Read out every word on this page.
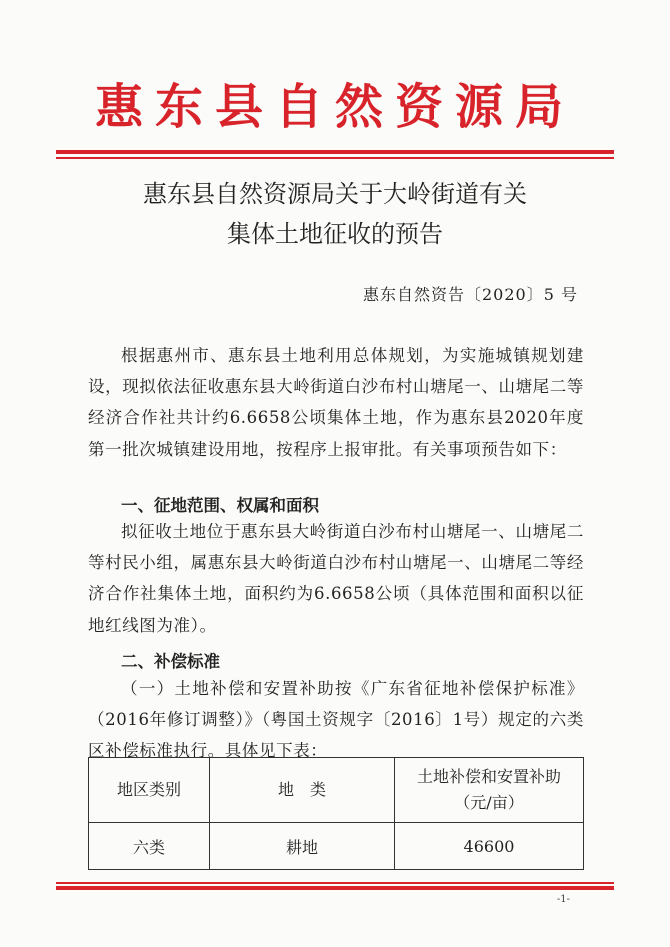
惠东县自然资源局
惠东县自然资源局关于大岭街道有关
集体土地征收的预告
惠东自然资告〔2020〕5 号
根据惠州市、惠东县土地利用总体规划，为实施城镇规划建设，现拟依法征收惠东县大岭街道白沙布村山塘尾一、山塘尾二等经济合作社共计约6.6658公顷集体土地，作为惠东县2020年度第一批次城镇建设用地，按程序上报审批。有关事项预告如下：
一、征地范围、权属和面积
拟征收土地位于惠东县大岭街道白沙布村山塘尾一、山塘尾二等村民小组，属惠东县大岭街道白沙布村山塘尾一、山塘尾二等经济合作社集体土地，面积约为6.6658公顷（具体范围和面积以征地红线图为准）。
二、补偿标准
（一）土地补偿和安置补助按《广东省征地补偿保护标准》（2016年修订调整）》（粤国土资规字〔2016〕1号）规定的六类区补偿标准执行。具体见下表：
地区类别	地　类	土地补偿和安置补助
（元/亩）

六类	耕地	46600
-1-
